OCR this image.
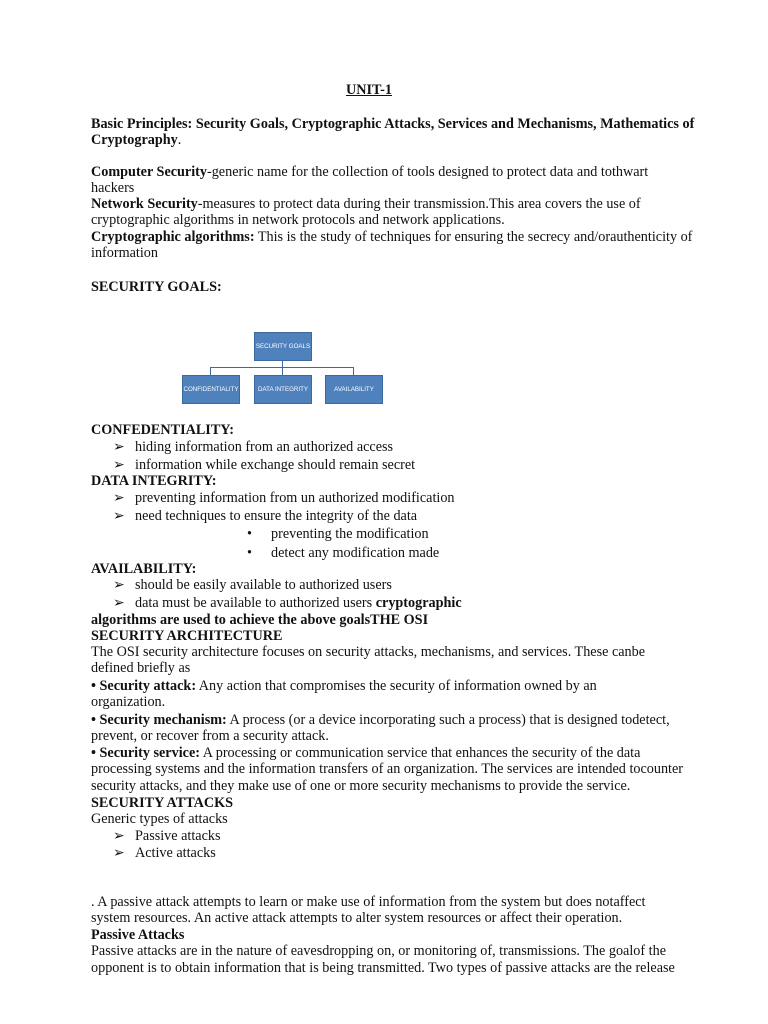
UNIT-1
Basic Principles: Security Goals, Cryptographic Attacks, Services and Mechanisms, Mathematics of
Cryptography.
Computer Security-generic name for the collection of tools designed to protect data and tothwart
hackers
Network Security-measures to protect data during their transmission.This area covers the use of
cryptographic algorithms in network protocols and network applications.
Cryptographic algorithms: This is the study of techniques for ensuring the secrecy and/orauthenticity of
information
SECURITY GOALS:
SECURITY GOALS
CONFIDENTIALITY	DATA INTEGRITY	AVAILABILITY
CONFEDENTIALITY:
➢ hiding information from an authorized access
➢ information while exchange should remain secret
DATA INTEGRITY:
➢ preventing information from un authorized modification
➢ need techniques to ensure the integrity of the data
• preventing the modification
• detect any modification made
AVAILABILITY:
➢ should be easily available to authorized users
➢ data must be available to authorized users cryptographic
algorithms are used to achieve the above goalsTHE OSI
SECURITY ARCHITECTURE
The OSI security architecture focuses on security attacks, mechanisms, and services. These canbe
defined briefly as
• Security attack: Any action that compromises the security of information owned by an
organization.
• Security mechanism: A process (or a device incorporating such a process) that is designed todetect,
prevent, or recover from a security attack.
• Security service: A processing or communication service that enhances the security of the data
processing systems and the information transfers of an organization. The services are intended tocounter
security attacks, and they make use of one or more security mechanisms to provide the service.
SECURITY ATTACKS
Generic types of attacks
➢ Passive attacks
➢ Active attacks
. A passive attack attempts to learn or make use of information from the system but does notaffect
system resources. An active attack attempts to alter system resources or affect their operation.
Passive Attacks
Passive attacks are in the nature of eavesdropping on, or monitoring of, transmissions. The goalof the
opponent is to obtain information that is being transmitted. Two types of passive attacks are the release
